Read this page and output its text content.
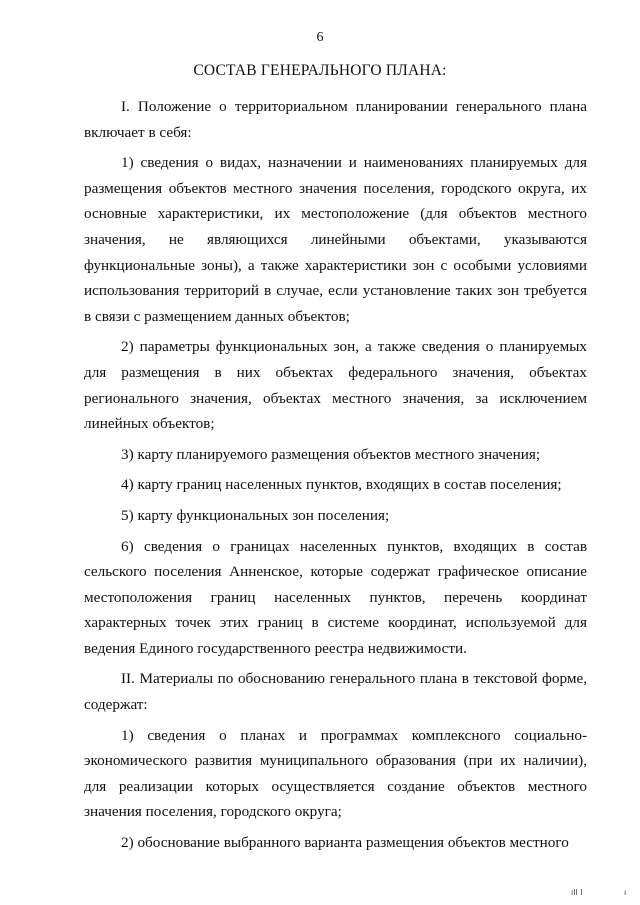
6
СОСТАВ ГЕНЕРАЛЬНОГО ПЛАНА:

I. Положение о территориальном планировании генерального плана включает в себя:

1) сведения о видах, назначении и наименованиях планируемых для размещения объектов местного значения поселения, городского округа, их основные характеристики, их местоположение (для объектов местного значения, не являющихся линейными объектами, указываются функциональные зоны), а также характеристики зон с особыми условиями использования территорий в случае, если установление таких зон требуется в связи с размещением данных объектов;

2) параметры функциональных зон, а также сведения о планируемых для размещения в них объектах федерального значения, объектах регионального значения, объектах местного значения, за исключением линейных объектов;

3) карту планируемого размещения объектов местного значения;

4) карту границ населенных пунктов, входящих в состав поселения;

5) карту функциональных зон поселения;

6) сведения о границах населенных пунктов, входящих в состав сельского поселения Анненское, которые содержат графическое описание местоположения границ населенных пунктов, перечень координат характерных точек этих границ в системе координат, используемой для ведения Единого государственного реестра недвижимости.

II. Материалы по обоснованию генерального плана в текстовой форме, содержат:

1) сведения о планах и программах комплексного социально-экономического развития муниципального образования (при их наличии), для реализации которых осуществляется создание объектов местного значения поселения, городского округа;

2) обоснование выбранного варианта размещения объектов местного

ıll l	ı
